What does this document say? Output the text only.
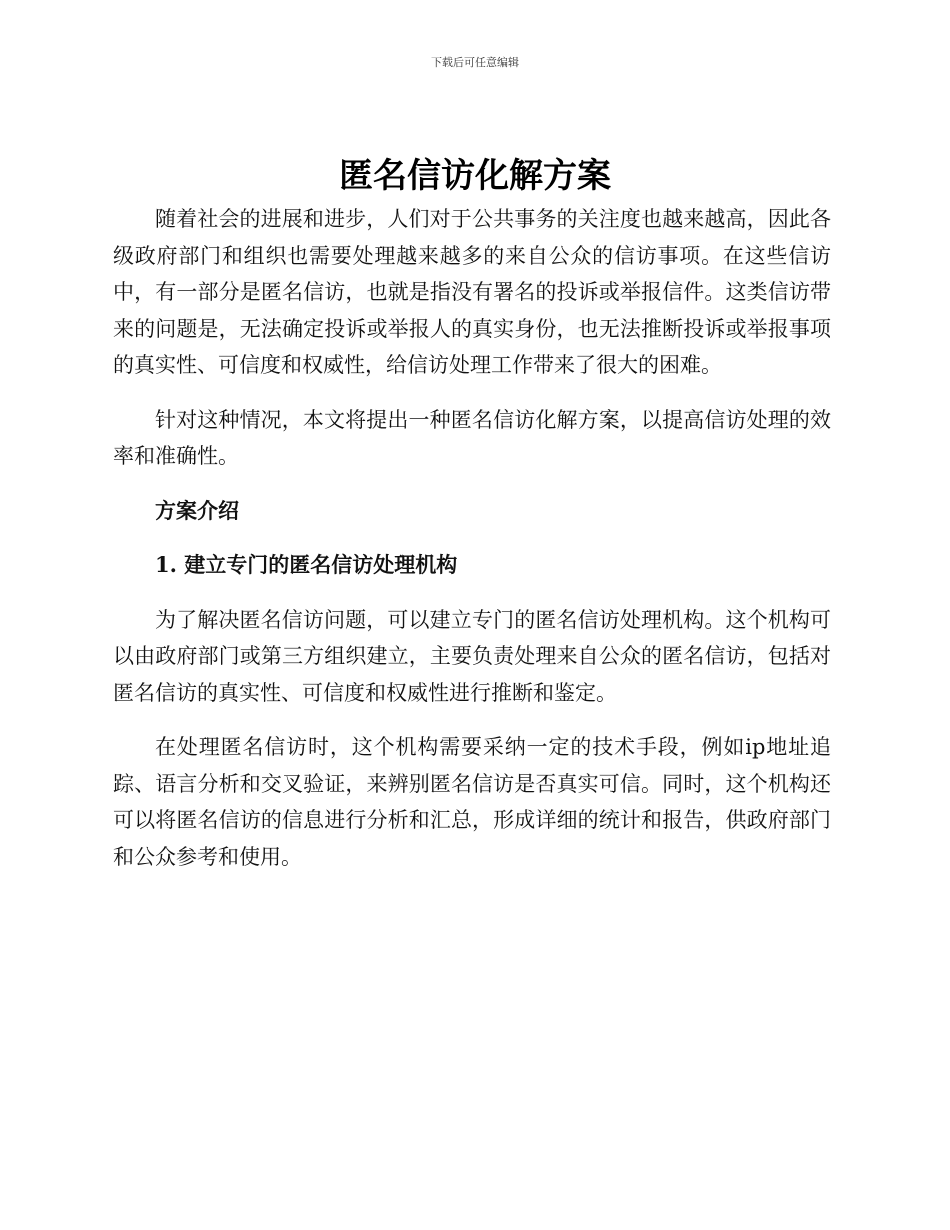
下载后可任意编辑
匿名信访化解方案

随着社会的进展和进步，人们对于公共事务的关注度也越来越高，因此各级政府部门和组织也需要处理越来越多的来自公众的信访事项。在这些信访中，有一部分是匿名信访，也就是指没有署名的投诉或举报信件。这类信访带来的问题是，无法确定投诉或举报人的真实身份，也无法推断投诉或举报事项的真实性、可信度和权威性，给信访处理工作带来了很大的困难。

针对这种情况，本文将提出一种匿名信访化解方案，以提高信访处理的效率和准确性。

方案介绍

1. 建立专门的匿名信访处理机构

为了解决匿名信访问题，可以建立专门的匿名信访处理机构。这个机构可以由政府部门或第三方组织建立，主要负责处理来自公众的匿名信访，包括对匿名信访的真实性、可信度和权威性进行推断和鉴定。

在处理匿名信访时，这个机构需要采纳一定的技术手段，例如ip地址追踪、语言分析和交叉验证，来辨别匿名信访是否真实可信。同时，这个机构还可以将匿名信访的信息进行分析和汇总，形成详细的统计和报告，供政府部门和公众参考和使用。
